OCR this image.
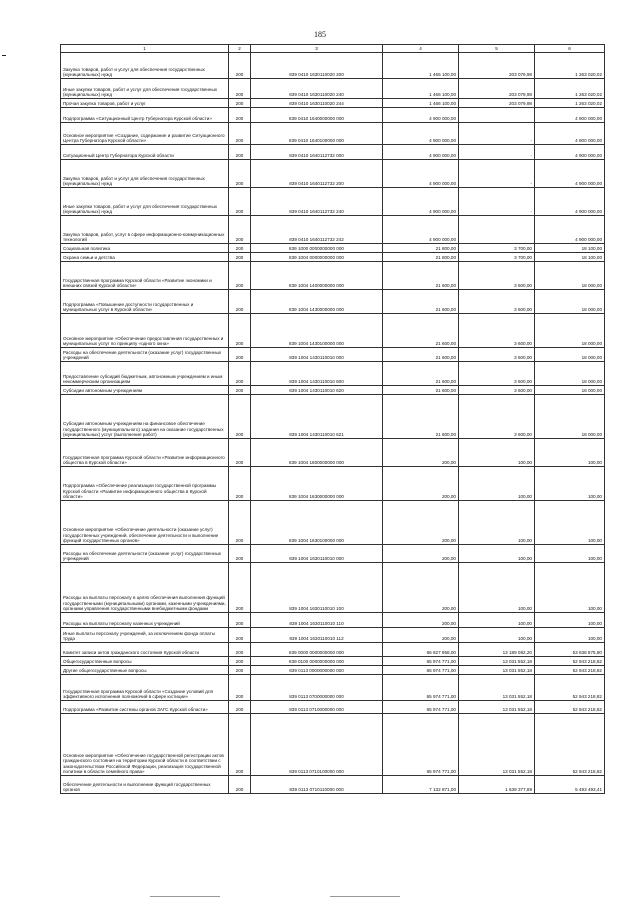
185
1	2	3	4	5	6
Закупка товаров, работ и услуг для обеспечения государственных (муниципальных) нужд	200	839 0410 1630110020 200	1 466 100,00	203 079,98	1 263 020,02
Иные закупки товаров, работ и услуг для обеспечения государственных (муниципальных) нужд	200	839 0410 1630110020 240	1 466 100,00	203 079,98	1 263 020,02
Прочая закупка товаров, работ и услуг	200	839 0410 1630110020 244	1 466 100,00	203 079,98	1 263 020,02
Подпрограмма «Ситуационный Центр Губернатора Курской области»	200	839 0410 1640000000 000	4 900 000,00		4 900 000,00
Основное мероприятие «Создание, содержание и развитие Ситуационного Центра Губернатора Курской области»	200	839 0410 1640100000 000	4 900 000,00	-	4 900 000,00
Ситуационный Центр Губернатора Курской области	200	839 0410 1640112732 000	4 900 000,00	-	4 900 000,00
Закупка товаров, работ и услуг для обеспечения государственных (муниципальных) нужд	200	839 0410 1640112732 200	4 900 000,00	-	4 900 000,00
Иные закупки товаров, работ и услуг для обеспечения государственных (муниципальных) нужд	200	839 0410 1640112732 240	4 900 000,00	-	4 900 000,00
Закупка товаров, работ, услуг в сфере информационно-коммуникационных технологий	200	839 0410 1640112732 242	4 900 000,00		4 900 000,00
Социальная политика	200	839 1000 0000000000 000	21 800,00	3 700,00	18 100,00
Охрана семьи и детства	200	839 1004 0000000000 000	21 800,00	3 700,00	18 100,00
Государственная программа Курской области «Развитие экономики и внешних связей Курской области»	200	839 1004 1400000000 000	21 600,00	3 600,00	18 000,00
Подпрограмма «Повышение доступности государственных и муниципальных услуг в Курской области»	200	839 1004 1430000000 000	21 600,00	3 600,00	18 000,00
Основное мероприятие «Обеспечение предоставления государственных и муниципальных услуг по принципу «одного окна»	200	839 1004 1430100000 000	21 600,00	3 600,00	18 000,00
Расходы на обеспечение деятельности (оказание услуг) государственных учреждений	200	839 1004 1430110010 000	21 600,00	3 600,00	18 000,00
Предоставление субсидий бюджетным, автономным учреждениям и иным некоммерческим организациям	200	839 1004 1430110010 600	21 600,00	3 600,00	18 000,00
Субсидии автономным учреждениям	200	839 1004 1430110010 620	21 600,00	3 600,00	18 000,00
Субсидии автономным учреждениям на финансовое обеспечение государственного (муниципального) задания на оказание государственных (муниципальных) услуг (выполнение работ)	200	839 1004 1430110010 621	21 600,00	3 600,00	18 000,00
Государственная программа Курской области «Развитие информационного общества в Курской области»	200	839 1004 1600000000 000	200,00	100,00	100,00
Подпрограмма «Обеспечение реализации государственной программы Курской области «Развитие информационного общества в Курской области»	200	839 1004 1630000000 000	200,00	100,00	100,00
Основное мероприятие «Обеспечение деятельности (оказание услуг) государственных учреждений, обеспечение деятельности и выполнение функций государственных органов»	200	839 1004 1630100000 000	200,00	100,00	100,00
Расходы на обеспечение деятельности (оказание услуг) государственных учреждений	200	839 1004 1630110010 000	200,00	100,00	100,00
Расходы на выплаты персоналу в целях обеспечения выполнения функций государственными (муниципальными) органами, казенными учреждениями, органами управления государственными внебюджетными фондами	200	839 1004 1630110010 100	200,00	100,00	100,00
Расходы на выплаты персоналу казенных учреждений	200	839 1004 1630110010 110	200,00	100,00	100,00
Иные выплаты персоналу учреждений, за исключением фонда оплаты труда	200	839 1004 1630110010 112	200,00	100,00	100,00
Комитет записи актов гражданского состояния Курской области	200	839 0000 0000000000 000	66 827 958,00	13 189 082,20	53 638 875,80
Общегосударственные вопросы	200	839 0100 0000000000 000	65 974 771,00	13 031 552,18	52 943 218,82
Другие общегосударственные вопросы	200	839 0113 0000000000 000	65 974 771,00	13 031 552,18	52 943 218,82
Государственная программа Курской области «Создание условий для эффективного исполнения полномочий в сфере юстиции»	200	839 0113 0700000000 000	65 974 771,00	13 031 552,18	52 943 218,82
Подпрограмма «Развитие системы органов ЗАГС Курской области»	200	839 0113 0710000000 000	65 974 771,00	13 031 552,18	52 943 218,82
Основное мероприятие «Обеспечение государственной регистрации актов гражданского состояния на территории Курской области в соответствии с законодательством Российской Федерации, реализация государственной политики в области семейного права»	200	839 0113 0710100000 000	65 974 771,00	13 031 552,18	52 943 218,82
Обеспечение деятельности и выполнение функций государственных органов	200	839 0113 0710110000 000	7 132 871,00	1 639 377,89	5 493 493,41
